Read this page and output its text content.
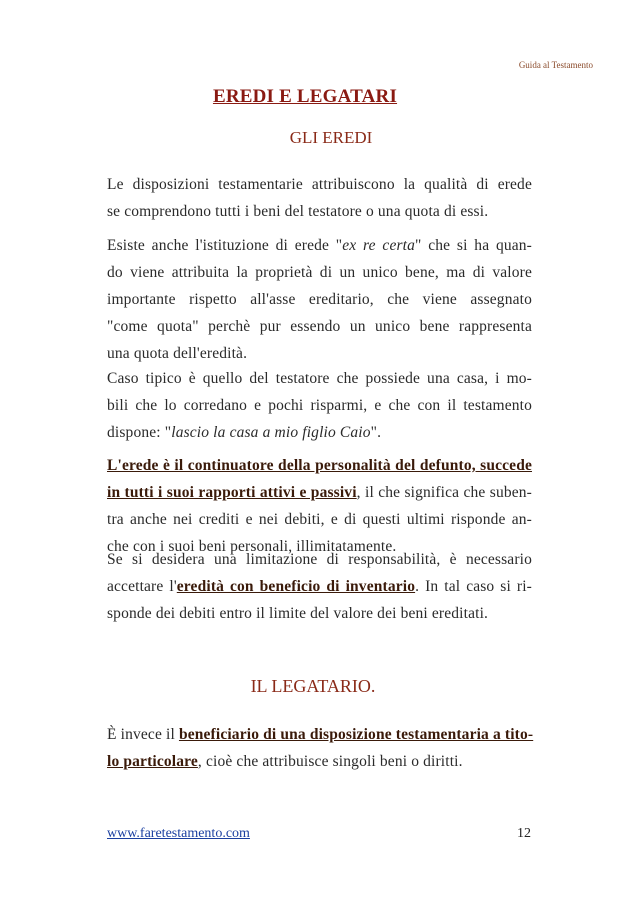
Guida al Testamento
EREDI E LEGATARI
GLI EREDI
Le disposizioni testamentarie attribuiscono la qualità di erede
se comprendono tutti i beni del testatore o una quota di essi.
Esiste anche l'istituzione di erede "ex re certa" che si ha quan-
do viene attribuita la proprietà di un unico bene, ma di valore
importante rispetto all'asse ereditario, che viene assegnato
"come quota" perchè pur essendo un unico bene rappresenta
una quota dell'eredità.
Caso tipico è quello del testatore che possiede una casa, i mo-
bili che lo corredano e pochi risparmi, e che con il testamento
dispone: "lascio la casa a mio figlio Caio".
L'erede è il continuatore della personalità del defunto, succede
in tutti i suoi rapporti attivi e passivi, il che significa che suben-
tra anche nei crediti e nei debiti, e di questi ultimi risponde an-
che con i suoi beni personali, illimitatamente.
Se si desidera una limitazione di responsabilità, è necessario
accettare l'eredità con beneficio di inventario. In tal caso si ri-
sponde dei debiti entro il limite del valore dei beni ereditati.
IL LEGATARIO.
È invece il beneficiario di una disposizione testamentaria a tito-
lo particolare, cioè che attribuisce singoli beni o diritti.
www.faretestamento.com	12
